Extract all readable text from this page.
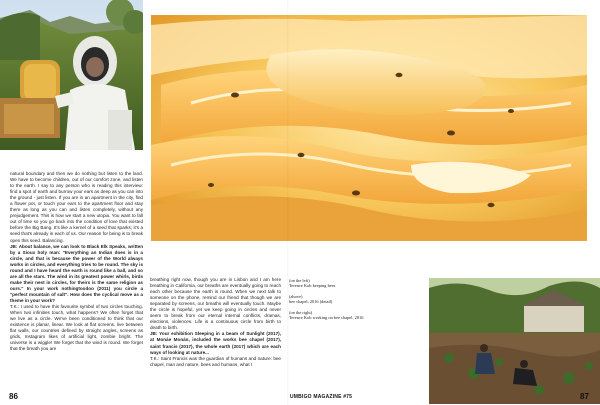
natural boundary and then we do nothing but listen to the land. We have to become children, out of our comfort zone, and listen to the earth. I say to any person who is reading this interview: find a spot of earth and burrow your ears as deep as you can into the ground - just listen. If you are in an apartment in the city, find a flower pot, or touch your ears to the apartment floor and stay there as long as you can and listen completely, without any prejudgement. This is how we start a new utopia. You want to fall out of time so you go back into the condition of love that existed before the Big Bang. It's like a kernel of a seed that sparks; it's a seed that's already in each of us. Our reason for being is to break open this seed. Balancing.

JB: About balance, we can look to Black Elk Speaks, written by a Sioux holy man: "Everything an Indian does is in a circle, and that is because the power of the World always works in circles, and everything tries to be round. The sky is round and I have heard the earth is round like a ball, and so are all the stars. The wind in its greatest power whirls, birds make their nest in circles, for theirs is the same religion as ours." In your work nothingtoodoo (2011) you circle a "perfect mountain of salt". How does the cyclical move as a theme in your work?

T.K.: I used to have this favourite symbol of two circles touching. When two infinities touch, what happens? We often forget that we live as a circle. We've been conditioned to think that our existence is planar, linear. We look at flat screens, live between flat walls, our countries defined by straight angles, screens as grids, Instagram likes of artificial light, zombie bright. The universe is a wiggle! We forget that the wind is round. We forget that the breath you are

breathing right now, though you are in Lisbon and I am here breathing in California, our breaths are eventually going to reach each other because the earth is round. When we next talk to someone on the phone, remind our friend that though we are separated by screens, our breaths will eventually touch. Maybe the circle is hopeful, yet we keep going in circles and never seem to break from our eternal internal conflicts, dramas, elections, violences. Life is a continuous circle from birth to death to birth.

JB: Your exhibition Sleeping in a beam of Sunlight (2017), at Monáe Monán, included the works bee chapel (2017), saint francis (2017), the whole earth (2017) which are each ways of looking at nature...

T.K.: Saint Francis was the guardian of humans and nature: bee chapel, man and nature, bees and humans, what I

(on the left)
Terence Koh keeping bees
(above)
bee chapel, 2016 (detail)
(on the right)
Terence Koh working on bee chapel, 2016
86	UMBIGO MAGAZINE #75	87
